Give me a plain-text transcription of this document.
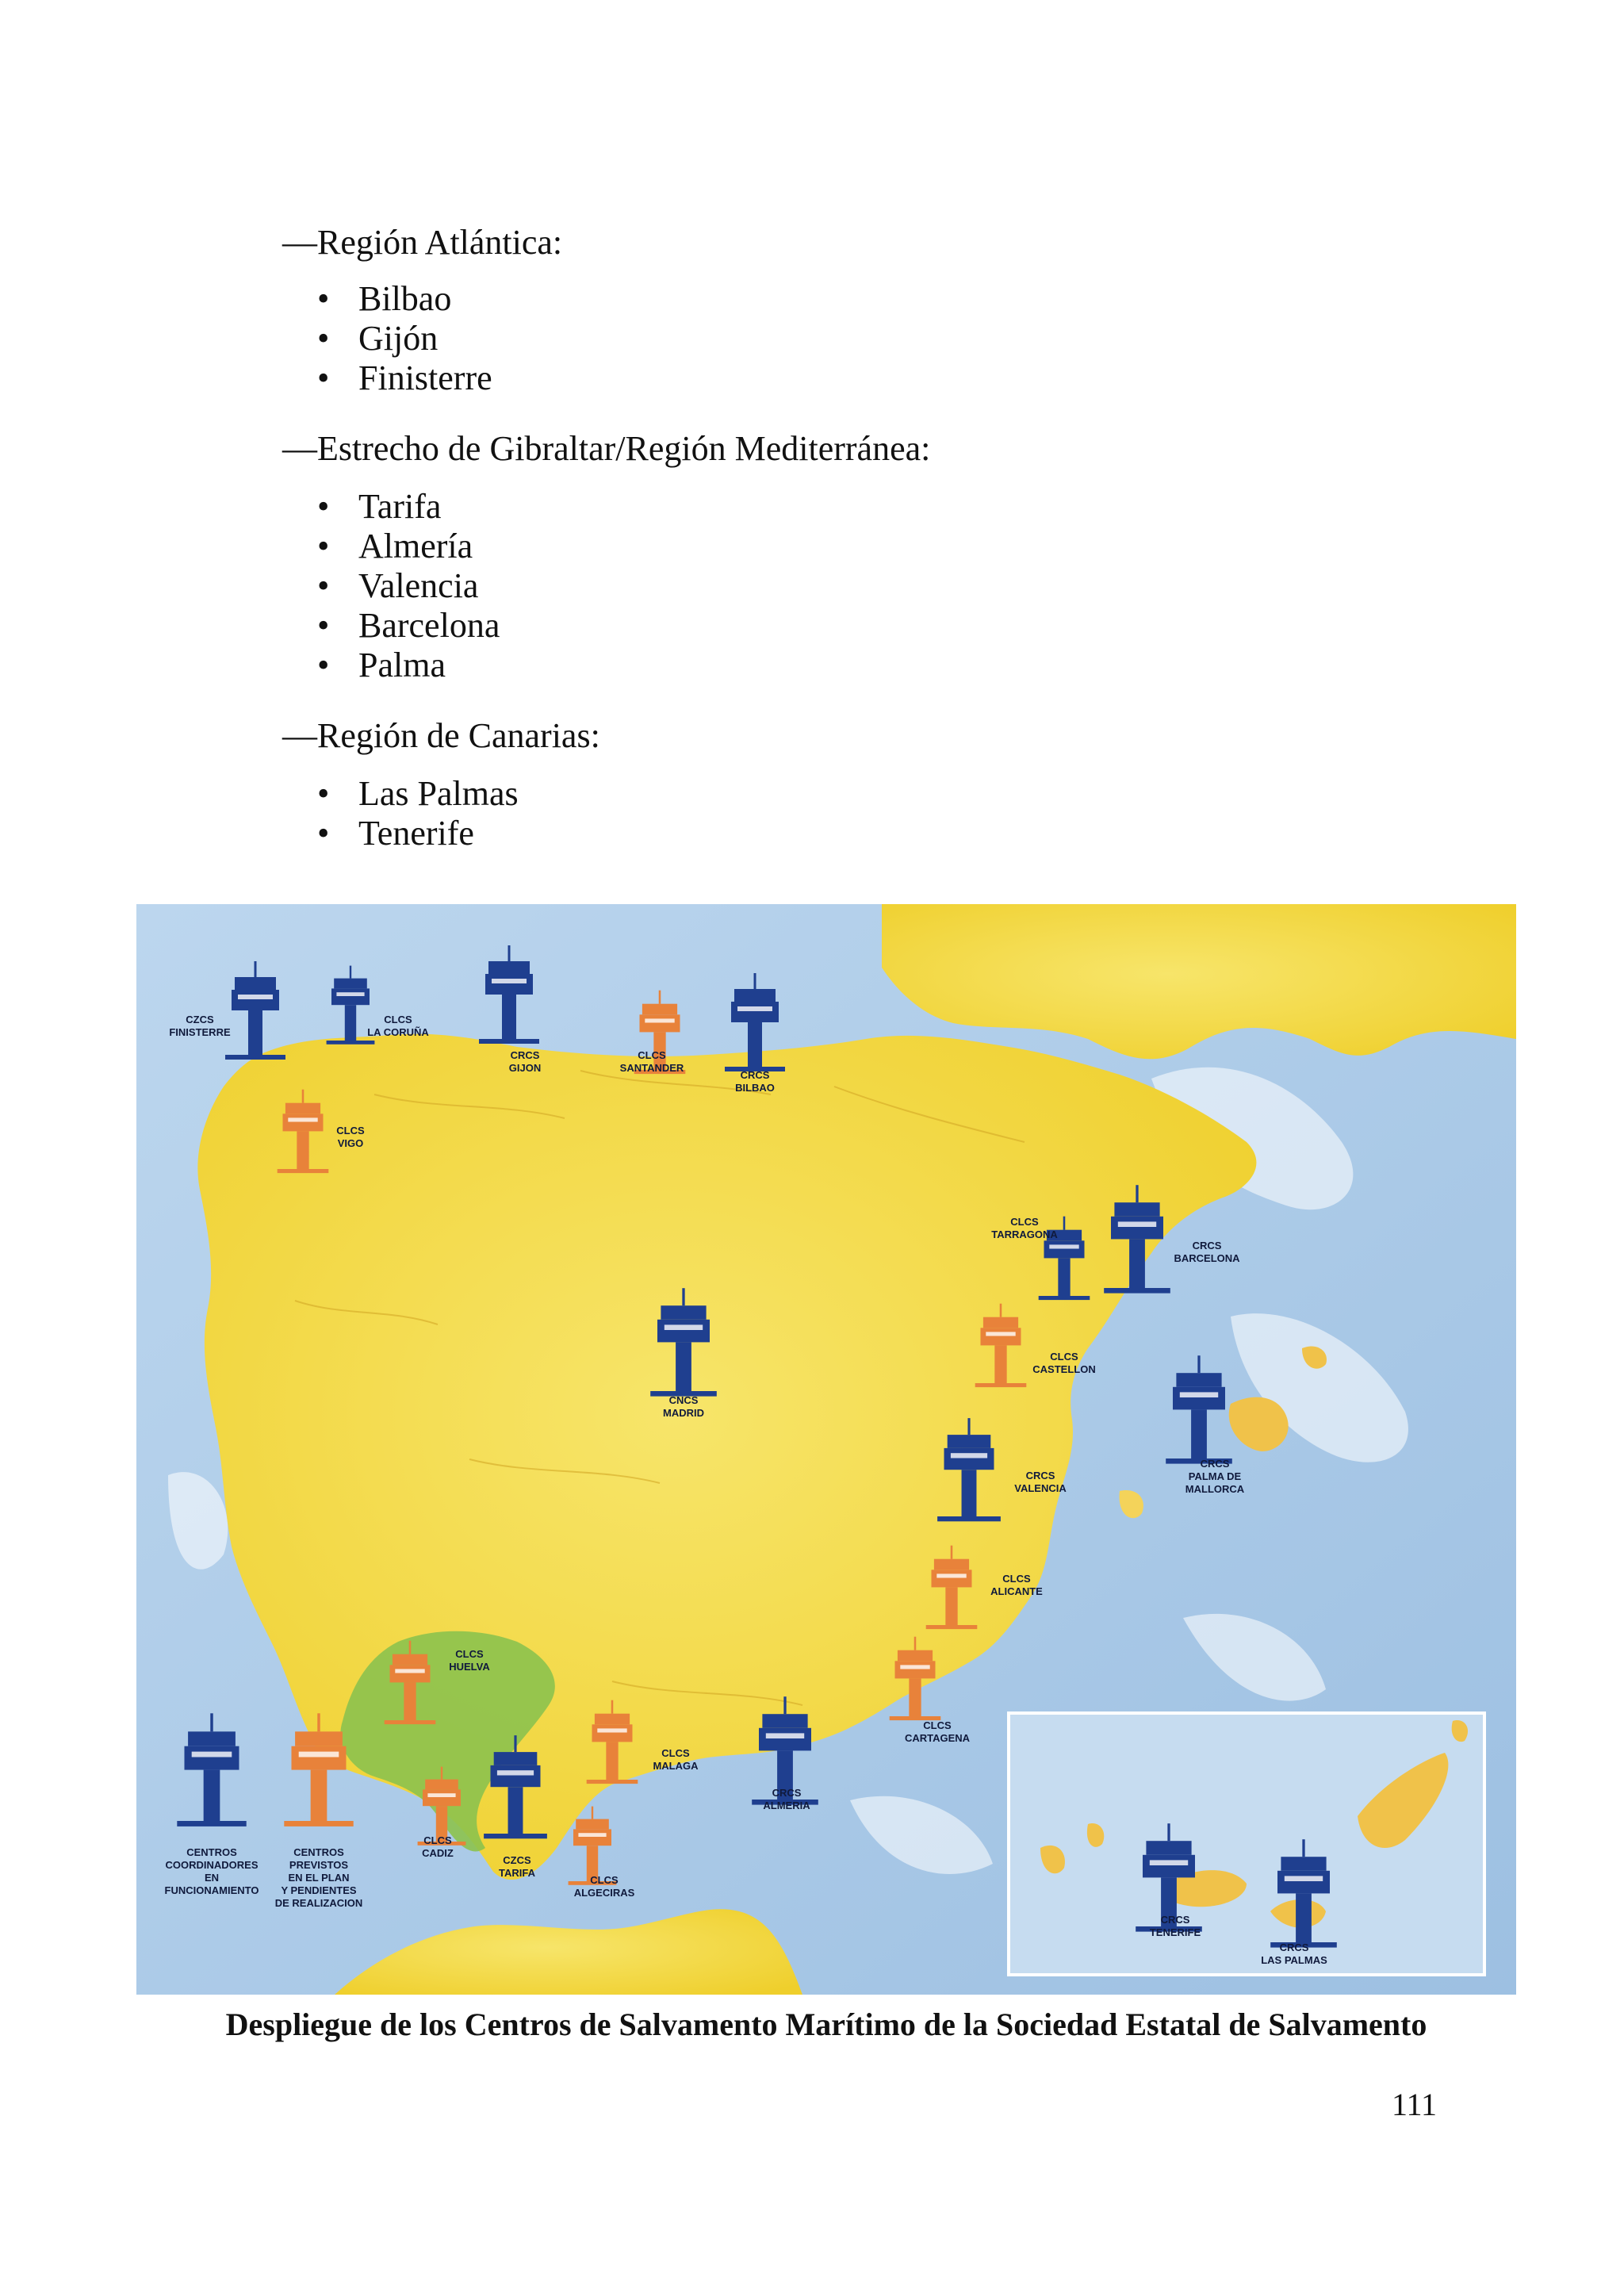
—Región Atlántica:
• Bilbao
• Gijón
• Finisterre
—Estrecho de Gibraltar/Región Mediterránea:
• Tarifa
• Almería
• Valencia
• Barcelona
• Palma
—Región de Canarias:
• Las Palmas
• Tenerife
CZCS
FINISTERRE
CLCS
LA CORUÑA
CRCS
GIJON
CLCS
SANTANDER
CRCS
BILBAO
CLCS
VIGO
CLCS
TARRAGONA
CRCS
BARCELONA
CNCS
MADRID
CLCS
CASTELLON
CRCS
VALENCIA
CRCS
PALMA DE
MALLORCA
CLCS
ALICANTE
CLCS
HUELVA
CLCS
CARTAGENA
CLCS
MALAGA
CRCS
ALMERIA
CLCS
CADIZ
CZCS
TARIFA
CLCS
ALGECIRAS
CRCS
TENERIFE
CRCS
LAS PALMAS
CENTROS
COORDINADORES
EN
FUNCIONAMIENTO
CENTROS
PREVISTOS
EN EL PLAN
Y PENDIENTES
DE REALIZACION
Despliegue de los Centros de Salvamento Marítimo de la Sociedad Estatal de Salvamento
111
